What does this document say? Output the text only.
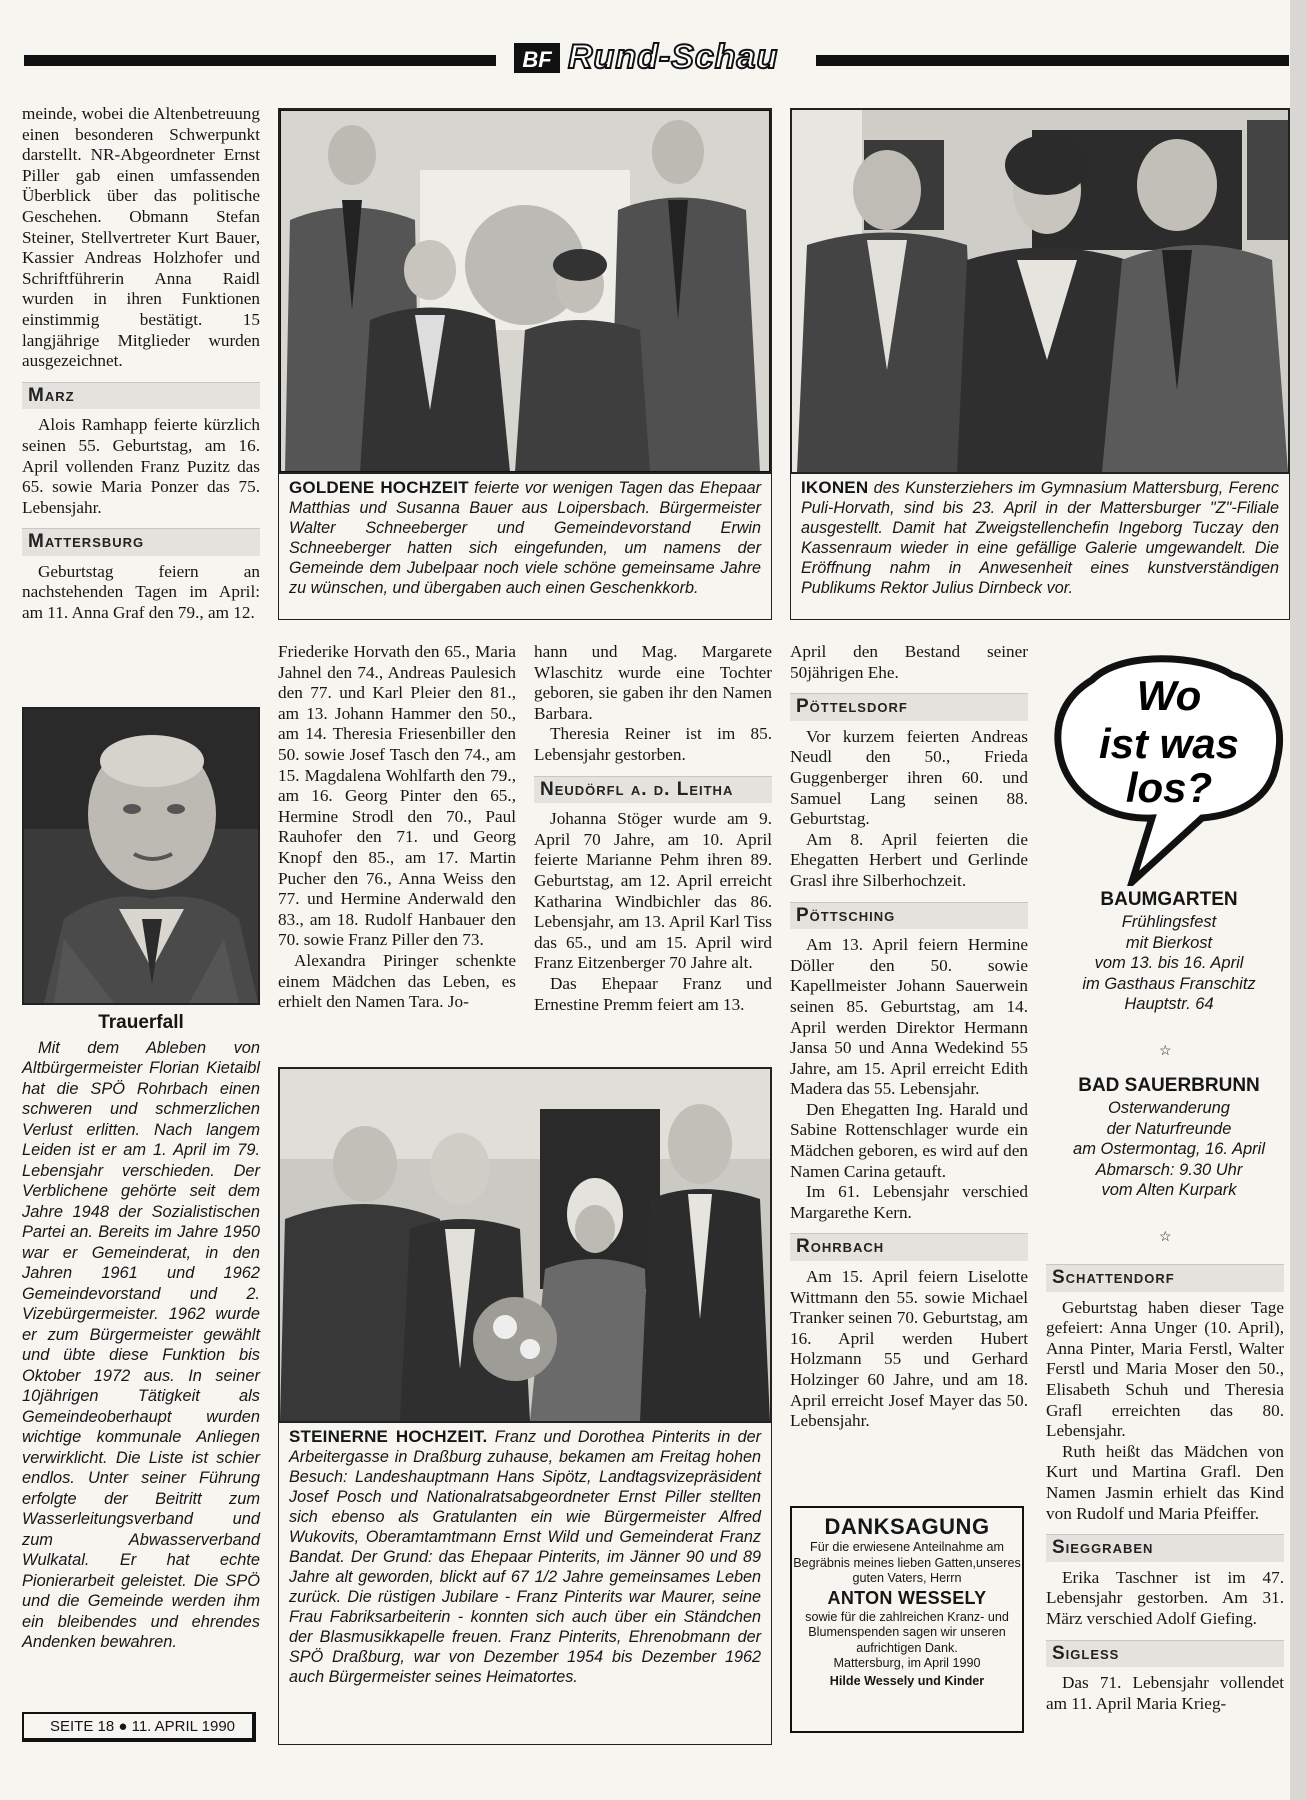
BF Rund-Schau

meinde, wobei die Altenbetreuung einen besonderen Schwerpunkt darstellt. NR-Abgeordneter Ernst Piller gab einen umfassenden Überblick über das politische Geschehen. Obmann Stefan Steiner, Stellvertreter Kurt Bauer, Kassier Andreas Holzhofer und Schriftführerin Anna Raidl wurden in ihren Funktionen einstimmig bestätigt. 15 langjährige Mitglieder wurden ausgezeichnet.

Marz

Alois Ramhapp feierte kürzlich seinen 55. Geburtstag, am 16. April vollenden Franz Puzitz das 65. sowie Maria Ponzer das 75. Lebensjahr.

Mattersburg

Geburtstag feiern an nachstehenden Tagen im April: am 11. Anna Graf den 79., am 12.

Trauerfall

Mit dem Ableben von Altbürgermeister Florian Kietaibl hat die SPÖ Rohrbach einen schweren und schmerzlichen Verlust erlitten. Nach langem Leiden ist er am 1. April im 79. Lebensjahr verschieden. Der Verblichene gehörte seit dem Jahre 1948 der Sozialistischen Partei an. Bereits im Jahre 1950 war er Gemeinderat, in den Jahren 1961 und 1962 Gemeindevorstand und 2. Vizebürgermeister. 1962 wurde er zum Bürgermeister gewählt und übte diese Funktion bis Oktober 1972 aus. In seiner 10jährigen Tätigkeit als Gemeindeoberhaupt wurden wichtige kommunale Anliegen verwirklicht. Die Liste ist schier endlos. Unter seiner Führung erfolgte der Beitritt zum Wasserleitungsverband und zum Abwasserverband Wulkatal. Er hat echte Pionierarbeit geleistet. Die SPÖ und die Gemeinde werden ihm ein bleibendes und ehrendes Andenken bewahren.

SEITE 18 ● 11. APRIL 1990
GOLDENE HOCHZEIT feierte vor wenigen Tagen das Ehepaar Matthias und Susanna Bauer aus Loipersbach. Bürgermeister Walter Schneeberger und Gemeindevorstand Erwin Schneeberger hatten sich eingefunden, um namens der Gemeinde dem Jubelpaar noch viele schöne gemeinsame Jahre zu wünschen, und übergaben auch einen Geschenkkorb.
IKONEN des Kunsterziehers im Gymnasium Mattersburg, Ferenc Puli-Horvath, sind bis 23. April in der Mattersburger "Z"-Filiale ausgestellt. Damit hat Zweigstellenchefin Ingeborg Tuczay den Kassenraum wieder in eine gefällige Galerie umgewandelt. Die Eröffnung nahm in Anwesenheit eines kunstverständigen Publikums Rektor Julius Dirnbeck vor.

Friederike Horvath den 65., Maria Jahnel den 74., Andreas Paulesich den 77. und Karl Pleier den 81., am 13. Johann Hammer den 50., am 14. Theresia Friesenbiller den 50. sowie Josef Tasch den 74., am 15. Magdalena Wohlfarth den 79., am 16. Georg Pinter den 65., Hermine Strodl den 70., Paul Rauhofer den 71. und Georg Knopf den 85., am 17. Martin Pucher den 76., Anna Weiss den 77. und Hermine Anderwald den 83., am 18. Rudolf Hanbauer den 70. sowie Franz Piller den 73.

Alexandra Piringer schenkte einem Mädchen das Leben, es erhielt den Namen Tara. Jo-

hann und Mag. Margarete Wlaschitz wurde eine Tochter geboren, sie gaben ihr den Namen Barbara.

Theresia Reiner ist im 85. Lebensjahr gestorben.

Neudörfl a. d. Leitha

Johanna Stöger wurde am 9. April 70 Jahre, am 10. April feierte Marianne Pehm ihren 89. Geburtstag, am 12. April erreicht Katharina Windbichler das 86. Lebensjahr, am 13. April Karl Tiss das 65., und am 15. April wird Franz Eitzenberger 70 Jahre alt.

Das Ehepaar Franz und Ernestine Premm feiert am 13.

STEINERNE HOCHZEIT. Franz und Dorothea Pinterits in der Arbeitergasse in Draßburg zuhause, bekamen am Freitag hohen Besuch: Landeshauptmann Hans Sipötz, Landtagsvizepräsident Josef Posch und Nationalratsabgeordneter Ernst Piller stellten sich ebenso als Gratulanten ein wie Bürgermeister Alfred Wukovits, Oberamtamtmann Ernst Wild und Gemeinderat Franz Bandat. Der Grund: das Ehepaar Pinterits, im Jänner 90 und 89 Jahre alt geworden, blickt auf 67 1/2 Jahre gemeinsames Leben zurück. Die rüstigen Jubilare - Franz Pinterits war Maurer, seine Frau Fabriksarbeiterin - konnten sich auch über ein Ständchen der Blasmusikkapelle freuen. Franz Pinterits, Ehrenobmann der SPÖ Draßburg, war von Dezember 1954 bis Dezember 1962 auch Bürgermeister seines Heimatortes.

April den Bestand seiner 50jährigen Ehe.

Pöttelsdorf

Vor kurzem feierten Andreas Neudl den 50., Frieda Guggenberger ihren 60. und Samuel Lang seinen 88. Geburtstag.

Am 8. April feierten die Ehegatten Herbert und Gerlinde Grasl ihre Silberhochzeit.

Pöttsching

Am 13. April feiern Hermine Döller den 50. sowie Kapellmeister Johann Sauerwein seinen 85. Geburtstag, am 14. April werden Direktor Hermann Jansa 50 und Anna Wedekind 55 Jahre, am 15. April erreicht Edith Madera das 55. Lebensjahr.

Den Ehegatten Ing. Harald und Sabine Rottenschlager wurde ein Mädchen geboren, es wird auf den Namen Carina getauft.

Im 61. Lebensjahr verschied Margarethe Kern.

Rohrbach

Am 15. April feiern Liselotte Wittmann den 55. sowie Michael Tranker seinen 70. Geburtstag, am 16. April werden Hubert Holzmann 55 und Gerhard Holzinger 60 Jahre, und am 18. April erreicht Josef Mayer das 50. Lebensjahr.

DANKSAGUNG
Für die erwiesene Anteilnahme am Begräbnis meines lieben Gatten,unseres guten Vaters, Herrn
ANTON WESSELY
sowie für die zahlreichen Kranz- und Blumenspenden sagen wir unseren aufrichtigen Dank.
Mattersburg, im April 1990
Hilde Wessely und Kinder
Wo
ist was
los?
BAUMGARTEN
Frühlingsfest
mit Bierkost
vom 13. bis 16. April
im Gasthaus Franschitz
Hauptstr. 64
☆
BAD SAUERBRUNN
Osterwanderung
der Naturfreunde
am Ostermontag, 16. April
Abmarsch: 9.30 Uhr
vom Alten Kurpark
☆
Schattendorf

Geburtstag haben dieser Tage gefeiert: Anna Unger (10. April), Anna Pinter, Maria Ferstl, Walter Ferstl und Maria Moser den 50., Elisabeth Schuh und Theresia Grafl erreichten das 80. Lebensjahr.

Ruth heißt das Mädchen von Kurt und Martina Grafl. Den Namen Jasmin erhielt das Kind von Rudolf und Maria Pfeiffer.

Sieggraben

Erika Taschner ist im 47. Lebensjahr gestorben. Am 31. März verschied Adolf Giefing.

Sigless

Das 71. Lebensjahr vollendet am 11. April Maria Krieg-
